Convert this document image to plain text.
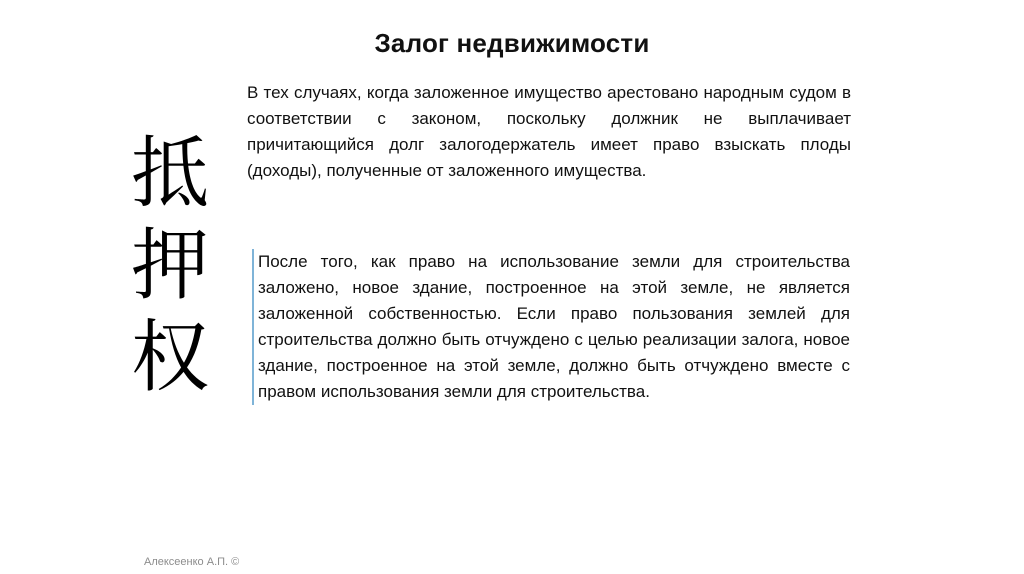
Залог недвижимости
抵
押
权
В тех случаях, когда заложенное имущество арестовано народным судом в соответствии с законом, поскольку должник не выплачивает причитающийся долг залогодержатель имеет право взыскать плоды (доходы), полученные от заложенного имущества.
После того, как право на использование земли для строительства заложено, новое здание, построенное на этой земле, не является заложенной собственностью. Если право пользования землей для строительства должно быть отчуждено с целью реализации залога, новое здание, построенное на этой земле, должно быть отчуждено вместе с правом использования земли для строительства.
Алексеенко А.П. ©
